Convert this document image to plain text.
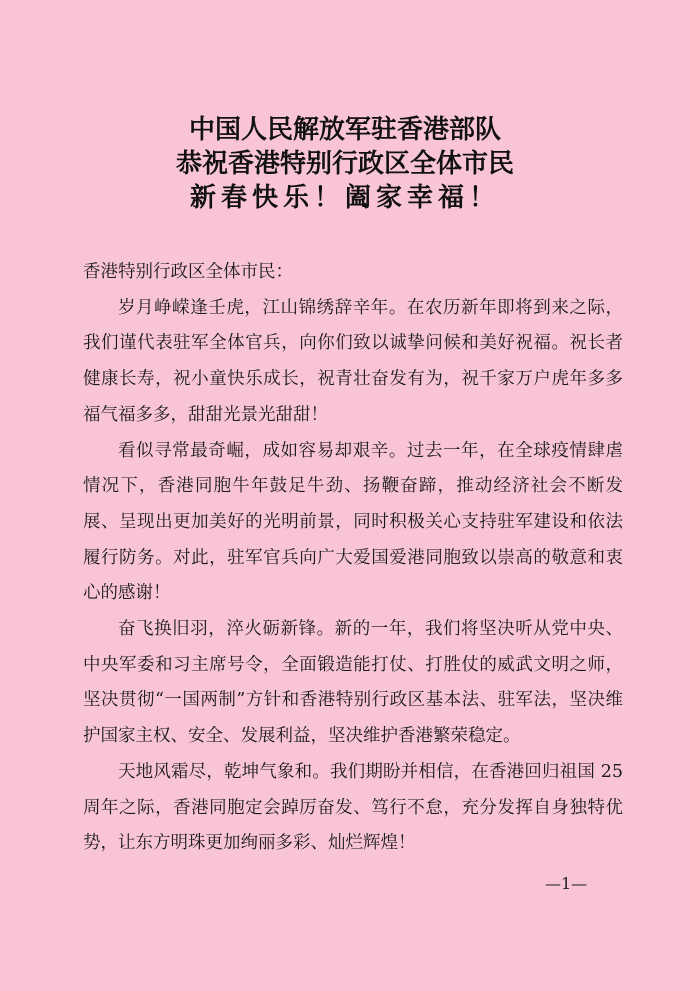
中国人民解放军驻香港部队
恭祝香港特别行政区全体市民
新春快乐！阖家幸福！

香港特别行政区全体市民：

岁月峥嵘逢壬虎，江山锦绣辞辛年。在农历新年即将到来之际，我们谨代表驻军全体官兵，向你们致以诚挚问候和美好祝福。祝长者健康长寿，祝小童快乐成长，祝青壮奋发有为，祝千家万户虎年多多福气福多多，甜甜光景光甜甜！

看似寻常最奇崛，成如容易却艰辛。过去一年，在全球疫情肆虐情况下，香港同胞牛年鼓足牛劲、扬鞭奋蹄，推动经济社会不断发展、呈现出更加美好的光明前景，同时积极关心支持驻军建设和依法履行防务。对此，驻军官兵向广大爱国爱港同胞致以崇高的敬意和衷心的感谢！

奋飞换旧羽，淬火砺新锋。新的一年，我们将坚决听从党中央、中央军委和习主席号令，全面锻造能打仗、打胜仗的威武文明之师，坚决贯彻“一国两制”方针和香港特别行政区基本法、驻军法，坚决维护国家主权、安全、发展利益，坚决维护香港繁荣稳定。

天地风霜尽，乾坤气象和。我们期盼并相信，在香港回归祖国 25 周年之际，香港同胞定会踔厉奋发、笃行不怠，充分发挥自身独特优势，让东方明珠更加绚丽多彩、灿烂辉煌！

—1—
